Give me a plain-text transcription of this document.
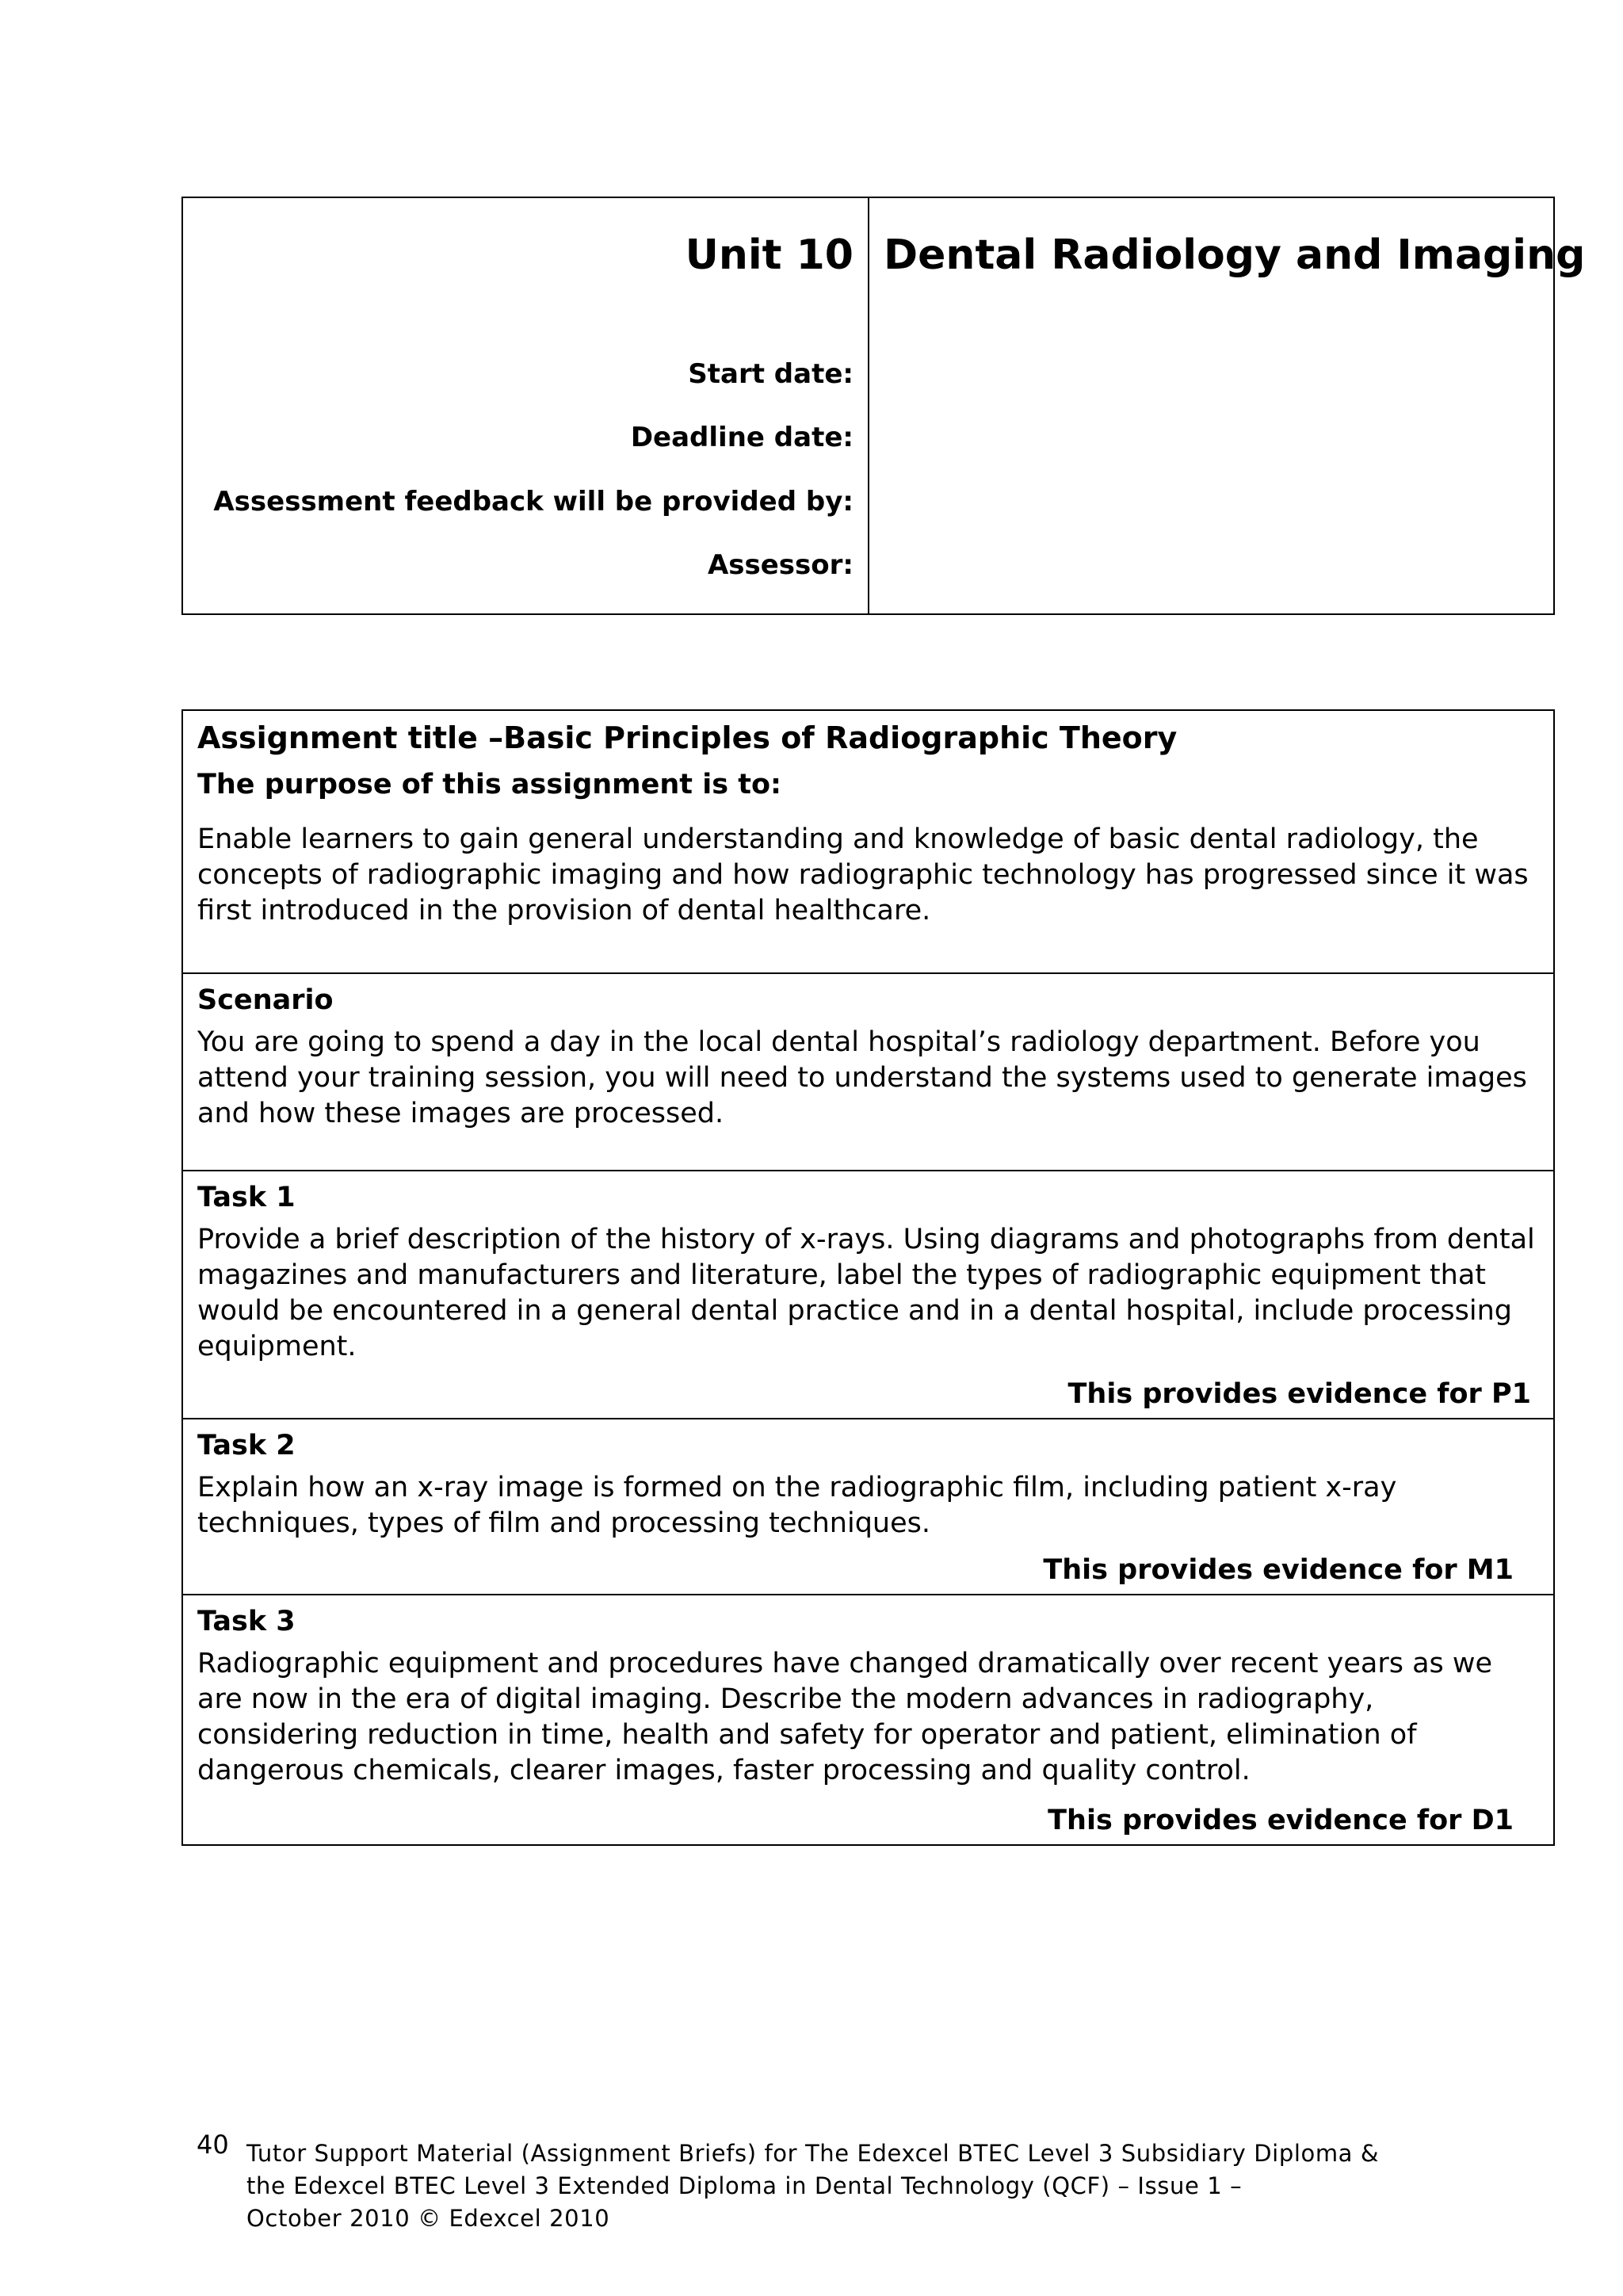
Unit 10
Start date:
Deadline date:
Assessment feedback will be provided by:
Assessor:
Dental Radiology and Imaging

Assignment title –Basic Principles of Radiographic Theory

The purpose of this assignment is to:

Enable learners to gain general understanding and knowledge of basic dental radiology, the concepts of radiographic imaging and how radiographic technology has progressed since it was first introduced in the provision of dental healthcare.

Scenario

You are going to spend a day in the local dental hospital’s radiology department. Before you attend your training session, you will need to understand the systems used to generate images and how these images are processed.

Task 1

Provide a brief description of the history of x-rays. Using diagrams and photographs from dental magazines and manufacturers and literature, label the types of radiographic equipment that would be encountered in a general dental practice and in a dental hospital, include processing equipment.

This provides evidence for P1

Task 2

Explain how an x-ray image is formed on the radiographic film, including patient x-ray techniques, types of film and processing techniques.

This provides evidence for M1

Task 3

Radiographic equipment and procedures have changed dramatically over recent years as we are now in the era of digital imaging. Describe the modern advances in radiography, considering reduction in time, health and safety for operator and patient, elimination of dangerous chemicals, clearer images, faster processing and quality control.

This provides evidence for D1
40 Tutor Support Material (Assignment Briefs) for The Edexcel BTEC Level 3 Subsidiary Diploma &
the Edexcel BTEC Level 3 Extended Diploma in Dental Technology (QCF) – Issue 1 –
October 2010 © Edexcel 2010
